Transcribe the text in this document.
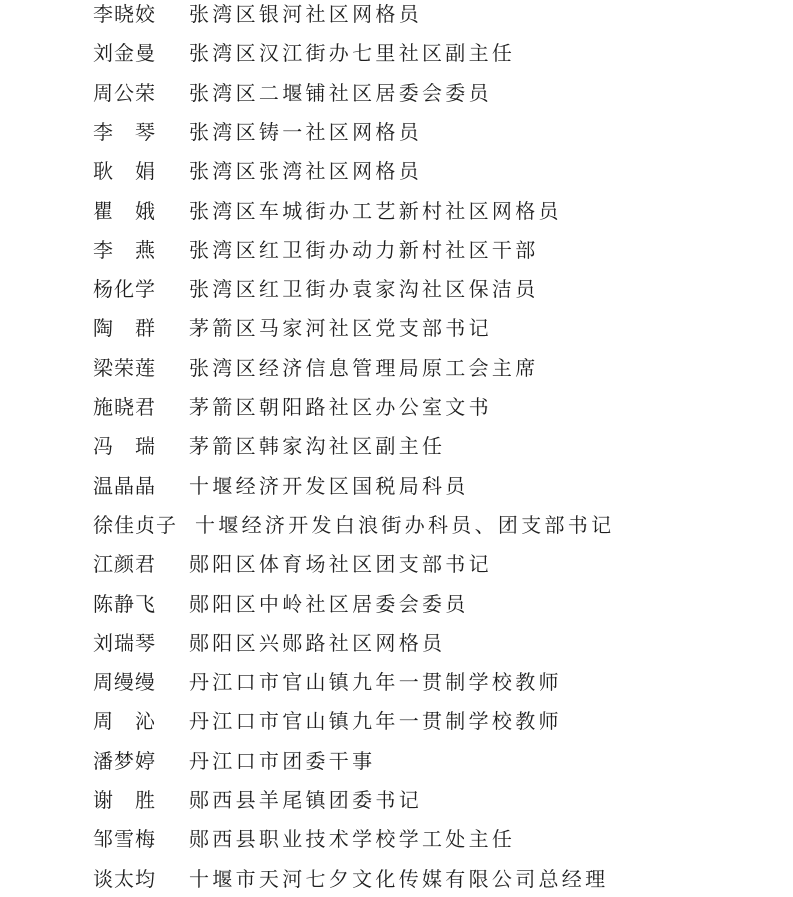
李晓姣 张湾区银河社区网格员
刘金曼 张湾区汉江街办七里社区副主任
周公荣 张湾区二堰铺社区居委会委员
李　琴 张湾区铸一社区网格员
耿　娟 张湾区张湾社区网格员
瞿　娥 张湾区车城街办工艺新村社区网格员
李　燕 张湾区红卫街办动力新村社区干部
杨化学 张湾区红卫街办袁家沟社区保洁员
陶　群 茅箭区马家河社区党支部书记
梁荣莲 张湾区经济信息管理局原工会主席
施晓君 茅箭区朝阳路社区办公室文书
冯　瑞 茅箭区韩家沟社区副主任
温晶晶 十堰经济开发区国税局科员
徐佳贞子 十堰经济开发白浪街办科员、团支部书记
江颜君 郧阳区体育场社区团支部书记
陈静飞 郧阳区中岭社区居委会委员
刘瑞琴 郧阳区兴郧路社区网格员
周缦缦 丹江口市官山镇九年一贯制学校教师
周　沁 丹江口市官山镇九年一贯制学校教师
潘梦婷 丹江口市团委干事
谢　胜 郧西县羊尾镇团委书记
邹雪梅 郧西县职业技术学校学工处主任
谈太均 十堰市天河七夕文化传媒有限公司总经理
